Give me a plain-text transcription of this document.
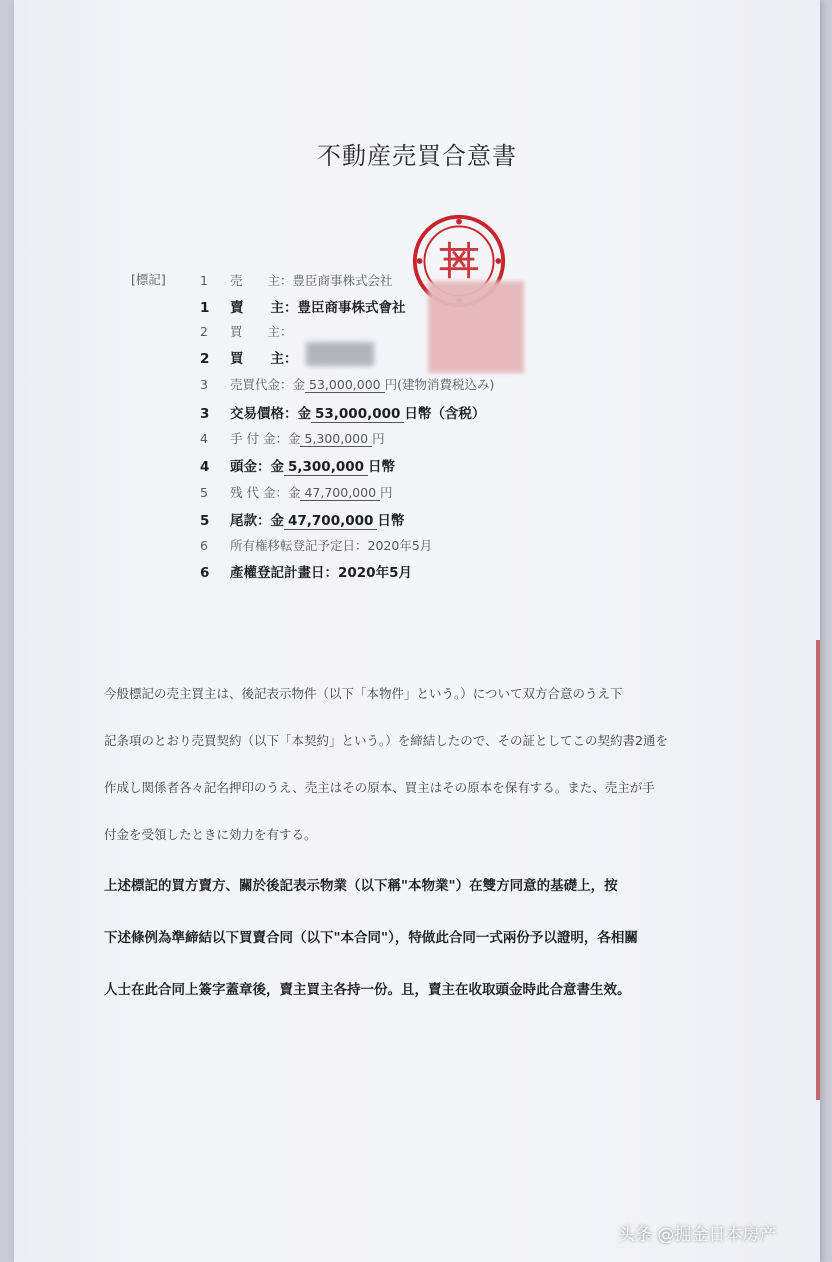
不動産売買合意書
[標記]	1 売　　主：豊臣商事株式会社
1 賣　　主：豊臣商事株式會社
2 買　　主：
2 買　　主：
3 売買代金：金 53,000,000 円(建物消費税込み)
3 交易價格：金 53,000,000 日幣（含税）
4 手 付 金：金 5,300,000 円
4 頭金：金 5,300,000 日幣
5 残 代 金：金 47,700,000 円
5 尾款：金 47,700,000 日幣
6 所有権移転登記予定日：2020年5月
6 產權登記計畫日：2020年5月
今般標記の売主買主は、後記表示物件（以下「本物件」という。）について双方合意のうえ下
記条項のとおり売買契約（以下「本契約」という。）を締結したので、その証としてこの契約書2通を
作成し関係者各々記名押印のうえ、売主はその原本、買主はその原本を保有する。また、売主が手
付金を受領したときに効力を有する。
上述標記的買方賣方、關於後記表示物業（以下稱"本物業"）在雙方同意的基礎上，按
下述條例為準締結以下買賣合同（以下"本合同"），特做此合同一式兩份予以證明，各相關
人士在此合同上簽字蓋章後，賣主買主各持一份。且，賣主在收取頭金時此合意書生效。
头条 @掘金日本房产
